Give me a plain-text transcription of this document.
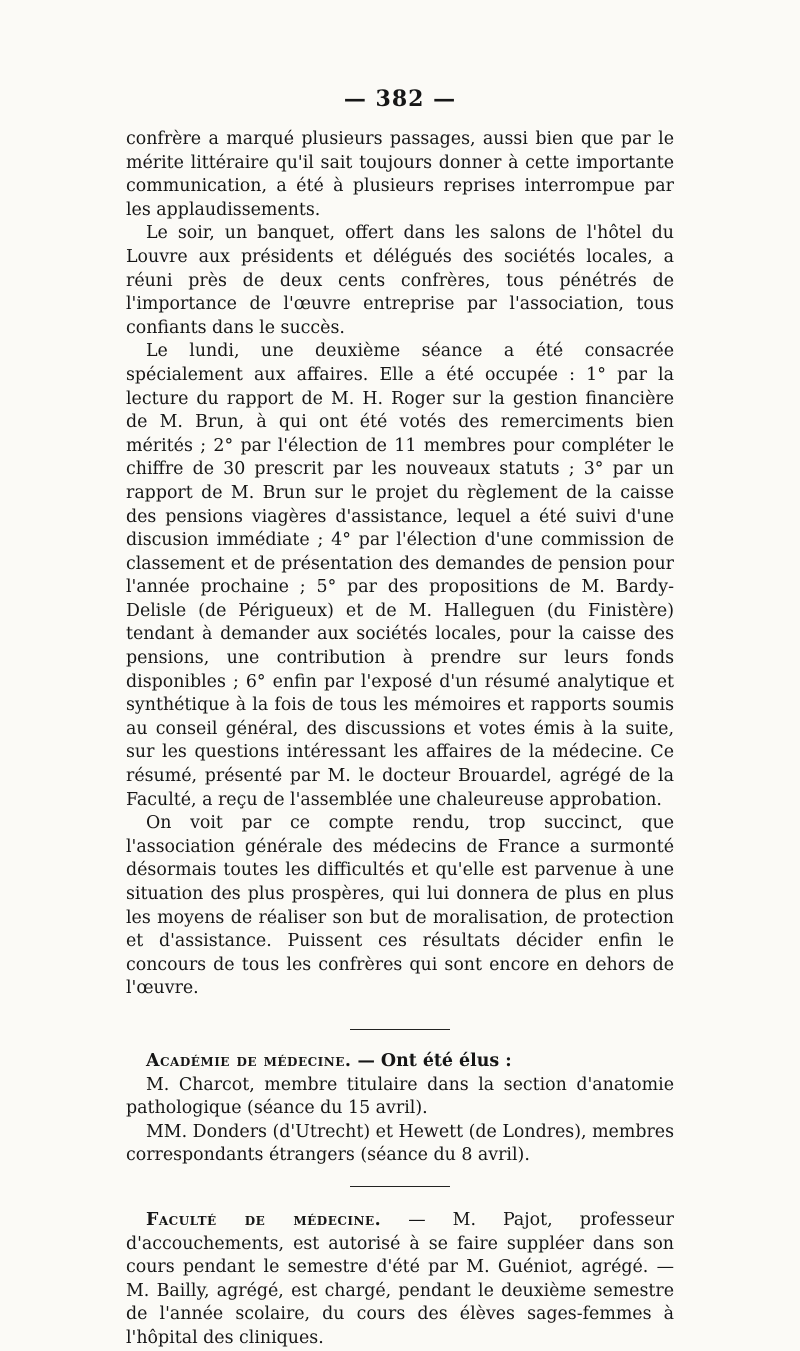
— 382 —

confrère a marqué plusieurs passages, aussi bien que par le mérite littéraire qu'il sait toujours donner à cette importante communication, a été à plusieurs reprises interrompue par les applaudissements.

Le soir, un banquet, offert dans les salons de l'hôtel du Louvre aux présidents et délégués des sociétés locales, a réuni près de deux cents confrères, tous pénétrés de l'importance de l'œuvre entreprise par l'association, tous confiants dans le succès.

Le lundi, une deuxième séance a été consacrée spécialement aux affaires. Elle a été occupée : 1° par la lecture du rapport de M. H. Roger sur la gestion financière de M. Brun, à qui ont été votés des remerciments bien mérités ; 2° par l'élection de 11 membres pour compléter le chiffre de 30 prescrit par les nouveaux statuts ; 3° par un rapport de M. Brun sur le projet du règlement de la caisse des pensions viagères d'assistance, lequel a été suivi d'une discusion immédiate ; 4° par l'élection d'une commission de classement et de présentation des demandes de pension pour l'année prochaine ; 5° par des propositions de M. Bardy-Delisle (de Périgueux) et de M. Halleguen (du Finistère) tendant à demander aux sociétés locales, pour la caisse des pensions, une contribution à prendre sur leurs fonds disponibles ; 6° enfin par l'exposé d'un résumé analytique et synthétique à la fois de tous les mémoires et rapports soumis au conseil général, des discussions et votes émis à la suite, sur les questions intéressant les affaires de la médecine. Ce résumé, présenté par M. le docteur Brouardel, agrégé de la Faculté, a reçu de l'assemblée une chaleureuse approbation.

On voit par ce compte rendu, trop succinct, que l'association générale des médecins de France a surmonté désormais toutes les difficultés et qu'elle est parvenue à une situation des plus prospères, qui lui donnera de plus en plus les moyens de réaliser son but de moralisation, de protection et d'assistance. Puissent ces résultats décider enfin le concours de tous les confrères qui sont encore en dehors de l'œuvre.

Académie de médecine. — Ont été élus :

M. Charcot, membre titulaire dans la section d'anatomie pathologique (séance du 15 avril).

MM. Donders (d'Utrecht) et Hewett (de Londres), membres correspondants étrangers (séance du 8 avril).

Faculté de médecine. — M. Pajot, professeur d'accouchements, est autorisé à se faire suppléer dans son cours pendant le semestre d'été par M. Guéniot, agrégé. — M. Bailly, agrégé, est chargé, pendant le deuxième semestre de l'année scolaire, du cours des élèves sages-femmes à l'hôpital des cliniques.
